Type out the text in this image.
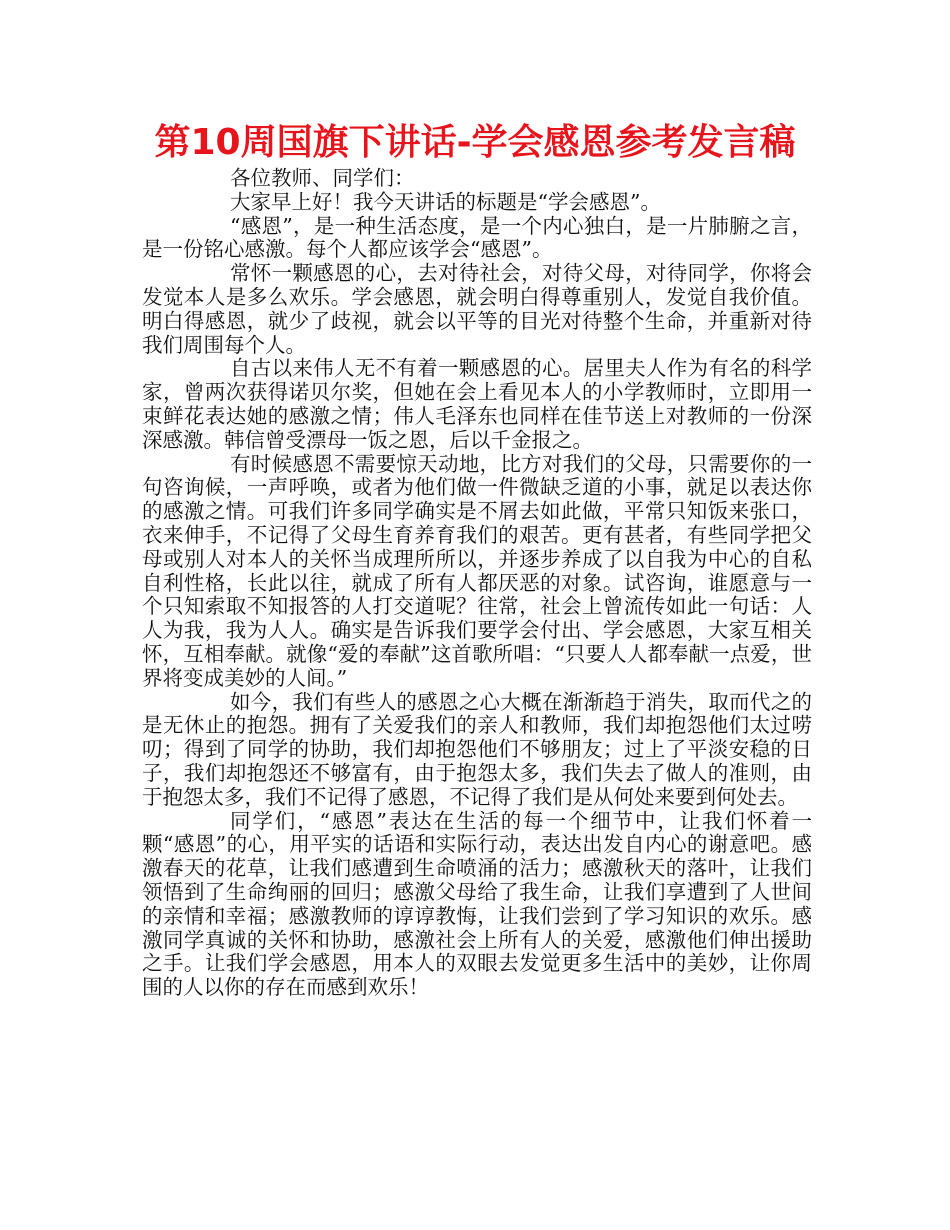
第10周国旗下讲话-学会感恩参考发言稿

各位教师、同学们：

大家早上好！我今天讲话的标题是“学会感恩”。

“感恩”，是一种生活态度，是一个内心独白，是一片肺腑之言，是一份铭心感激。每个人都应该学会“感恩”。

常怀一颗感恩的心，去对待社会，对待父母，对待同学，你将会发觉本人是多么欢乐。学会感恩，就会明白得尊重别人，发觉自我价值。明白得感恩，就少了歧视，就会以平等的目光对待整个生命，并重新对待我们周围每个人。

自古以来伟人无不有着一颗感恩的心。居里夫人作为有名的科学家，曾两次获得诺贝尔奖，但她在会上看见本人的小学教师时，立即用一束鲜花表达她的感激之情；伟人毛泽东也同样在佳节送上对教师的一份深深感激。韩信曾受漂母一饭之恩，后以千金报之。

有时候感恩不需要惊天动地，比方对我们的父母，只需要你的一句咨询候，一声呼唤，或者为他们做一件微缺乏道的小事，就足以表达你的感激之情。可我们许多同学确实是不屑去如此做，平常只知饭来张口，衣来伸手，不记得了父母生育养育我们的艰苦。更有甚者，有些同学把父母或别人对本人的关怀当成理所所以，并逐步养成了以自我为中心的自私自利性格，长此以往，就成了所有人都厌恶的对象。试咨询，谁愿意与一个只知索取不知报答的人打交道呢？往常，社会上曾流传如此一句话：人人为我，我为人人。确实是告诉我们要学会付出、学会感恩，大家互相关怀，互相奉献。就像“爱的奉献”这首歌所唱：“只要人人都奉献一点爱，世界将变成美妙的人间。”

如今，我们有些人的感恩之心大概在渐渐趋于消失，取而代之的是无休止的抱怨。拥有了关爱我们的亲人和教师，我们却抱怨他们太过唠叨；得到了同学的协助，我们却抱怨他们不够朋友；过上了平淡安稳的日子，我们却抱怨还不够富有，由于抱怨太多，我们失去了做人的准则，由于抱怨太多，我们不记得了感恩，不记得了我们是从何处来要到何处去。

同学们，“感恩”表达在生活的每一个细节中，让我们怀着一颗“感恩”的心，用平实的话语和实际行动，表达出发自内心的谢意吧。感激春天的花草，让我们感遭到生命喷涌的活力；感激秋天的落叶，让我们领悟到了生命绚丽的回归；感激父母给了我生命，让我们享遭到了人世间的亲情和幸福；感激教师的谆谆教悔，让我们尝到了学习知识的欢乐。感激同学真诚的关怀和协助，感激社会上所有人的关爱，感激他们伸出援助之手。让我们学会感恩，用本人的双眼去发觉更多生活中的美妙，让你周围的人以你的存在而感到欢乐！
